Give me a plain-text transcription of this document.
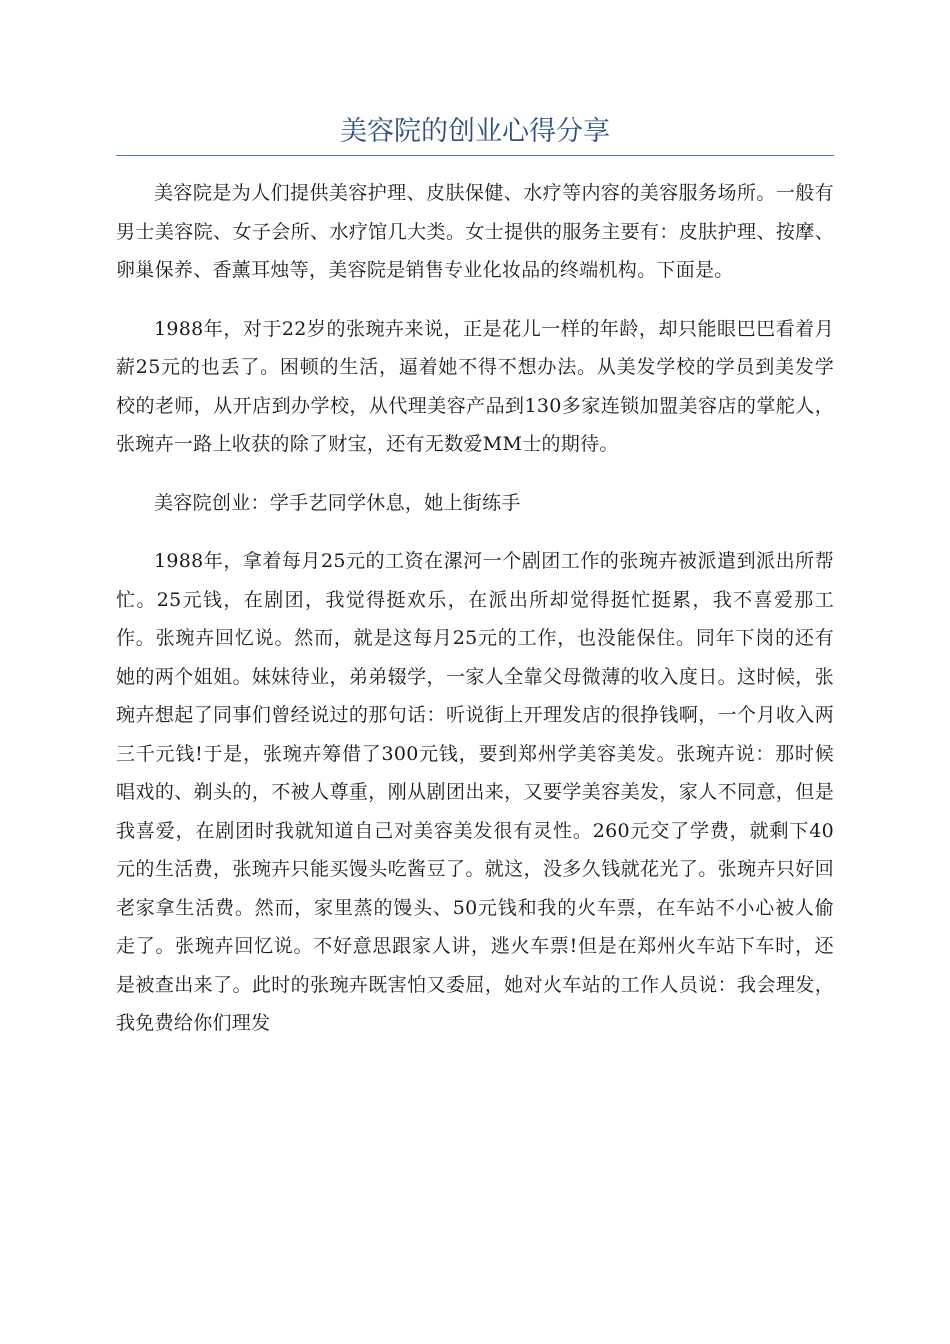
美容院的创业心得分享

美容院是为人们提供美容护理、皮肤保健、水疗等内容的美容服务场所。一般有男士美容院、女子会所、水疗馆几大类。女士提供的服务主要有：皮肤护理、按摩、卵巢保养、香薰耳烛等，美容院是销售专业化妆品的终端机构。下面是。

1988年，对于22岁的张琬卉来说，正是花儿一样的年龄，却只能眼巴巴看着月薪25元的也丢了。困顿的生活，逼着她不得不想办法。从美发学校的学员到美发学校的老师，从开店到办学校，从代理美容产品到130多家连锁加盟美容店的掌舵人，张琬卉一路上收获的除了财宝，还有无数爱MM士的期待。

美容院创业：学手艺同学休息，她上街练手

1988年，拿着每月25元的工资在漯河一个剧团工作的张琬卉被派遣到派出所帮忙。25元钱，在剧团，我觉得挺欢乐，在派出所却觉得挺忙挺累，我不喜爱那工作。张琬卉回忆说。然而，就是这每月25元的工作，也没能保住。同年下岗的还有她的两个姐姐。妹妹待业，弟弟辍学，一家人全靠父母微薄的收入度日。这时候，张琬卉想起了同事们曾经说过的那句话：听说街上开理发店的很挣钱啊，一个月收入两三千元钱!于是，张琬卉筹借了300元钱，要到郑州学美容美发。张琬卉说：那时候唱戏的、剃头的，不被人尊重，刚从剧团出来，又要学美容美发，家人不同意，但是我喜爱，在剧团时我就知道自己对美容美发很有灵性。260元交了学费，就剩下40元的生活费，张琬卉只能买馒头吃酱豆了。就这，没多久钱就花光了。张琬卉只好回老家拿生活费。然而，家里蒸的馒头、50元钱和我的火车票，在车站不小心被人偷走了。张琬卉回忆说。不好意思跟家人讲，逃火车票!但是在郑州火车站下车时，还是被查出来了。此时的张琬卉既害怕又委屈，她对火车站的工作人员说：我会理发，我免费给你们理发
